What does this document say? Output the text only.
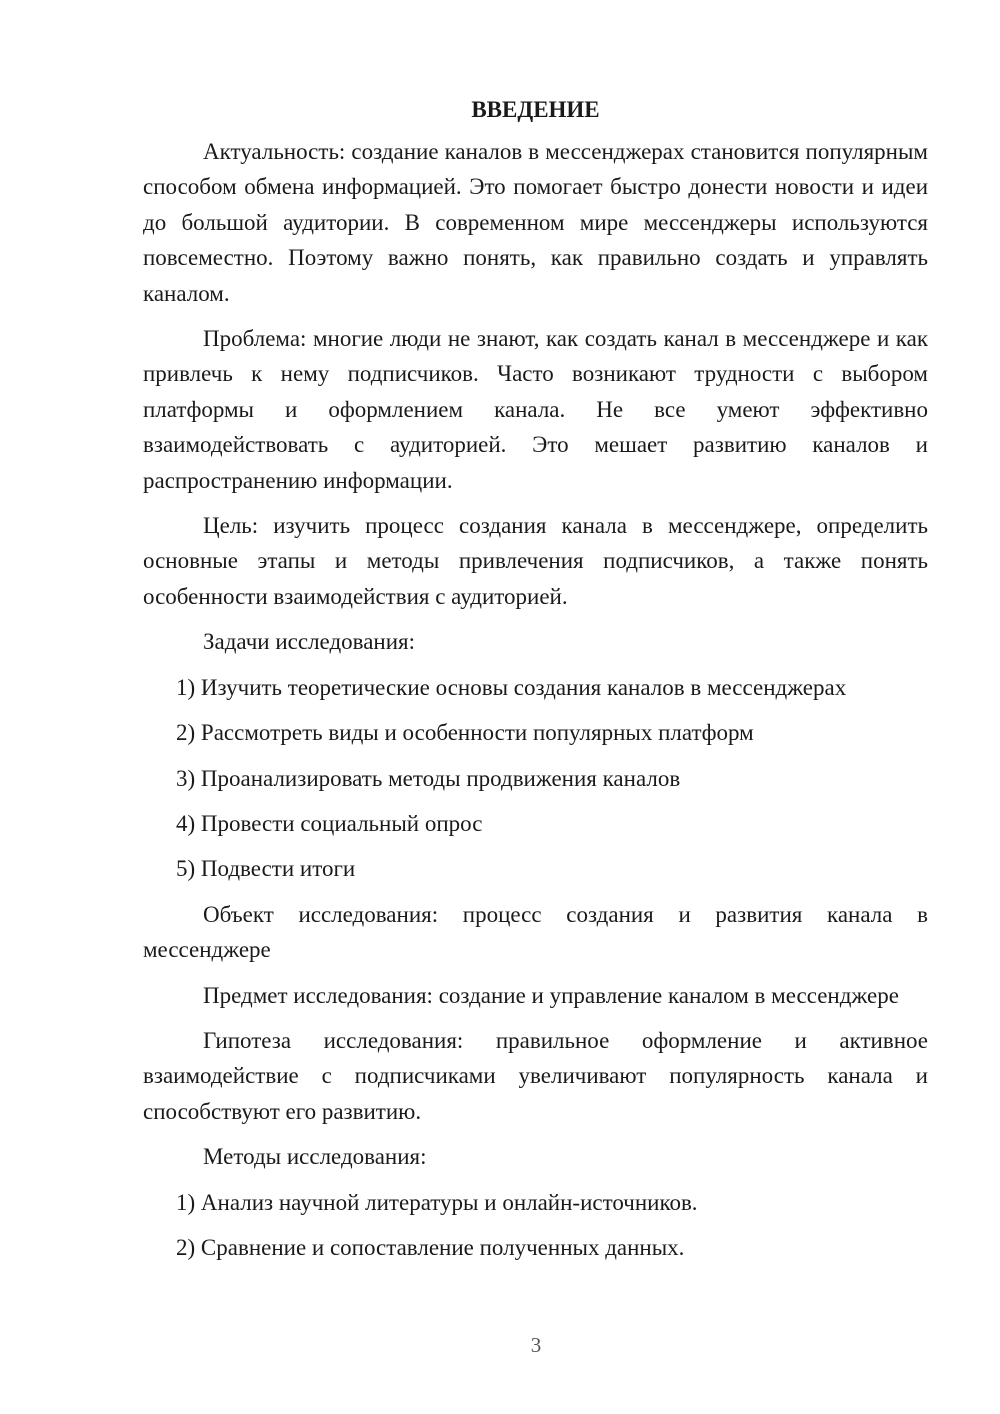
ВВЕДЕНИЕ

Актуальность: создание каналов в мессенджерах становится популярным способом обмена информацией. Это помогает быстро донести новости и идеи до большой аудитории. В современном мире мессенджеры используются повсеместно. Поэтому важно понять, как правильно создать и управлять каналом.

Проблема: многие люди не знают, как создать канал в мессенджере и как привлечь к нему подписчиков. Часто возникают трудности с выбором платформы и оформлением канала. Не все умеют эффективно взаимодействовать с аудиторией. Это мешает развитию каналов и распространению информации.

Цель: изучить процесс создания канала в мессенджере, определить основные этапы и методы привлечения подписчиков, а также понять особенности взаимодействия с аудиторией.

Задачи исследования:

1) Изучить теоретические основы создания каналов в мессенджерах
2) Рассмотреть виды и особенности популярных платформ
3) Проанализировать методы продвижения каналов
4) Провести социальный опрос
5) Подвести итоги

Объект исследования: процесс создания и развития канала в мессенджере

Предмет исследования: создание и управление каналом в мессенджере

Гипотеза исследования: правильное оформление и активное взаимодействие с подписчиками увеличивают популярность канала и способствуют его развитию.

Методы исследования:

1) Анализ научной литературы и онлайн-источников.
2) Сравнение и сопоставление полученных данных.
3
